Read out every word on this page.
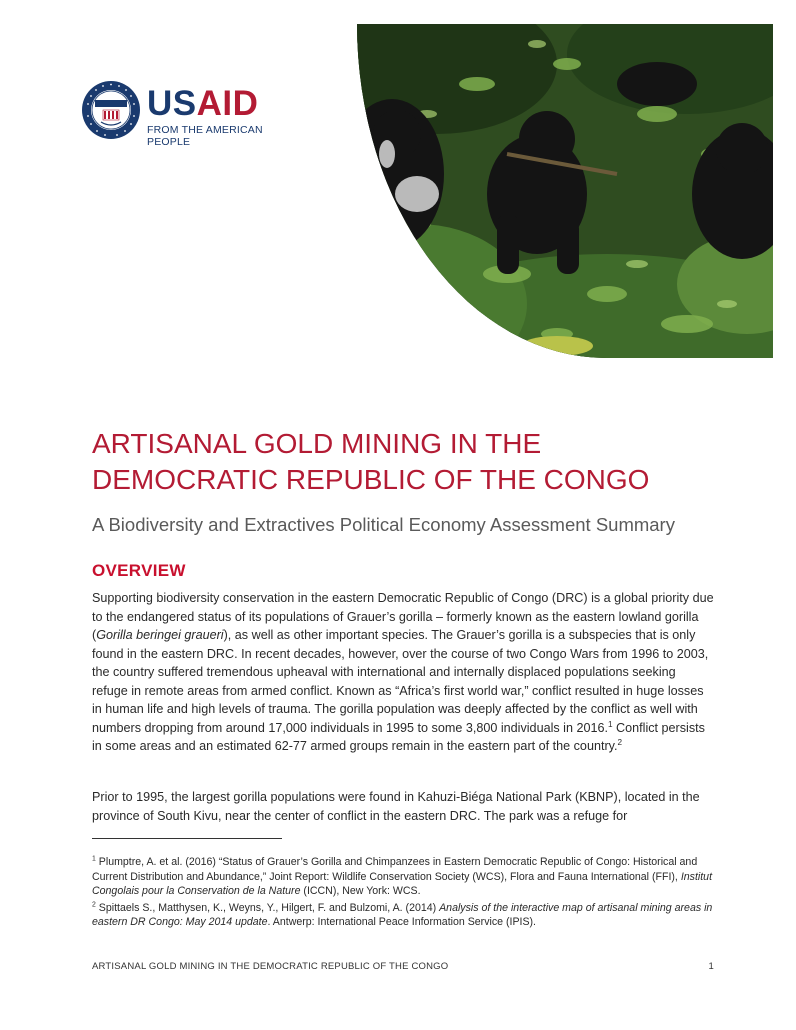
USAID
FROM THE AMERICAN PEOPLE
ARTISANAL GOLD MINING IN THE
DEMOCRATIC REPUBLIC OF THE CONGO
A Biodiversity and Extractives Political Economy Assessment Summary
OVERVIEW

Supporting biodiversity conservation in the eastern Democratic Republic of Congo (DRC) is a global priority due to the endangered status of its populations of Grauer’s gorilla – formerly known as the eastern lowland gorilla (Gorilla beringei graueri), as well as other important species. The Grauer’s gorilla is a subspecies that is only found in the eastern DRC. In recent decades, however, over the course of two Congo Wars from 1996 to 2003, the country suffered tremendous upheaval with international and internally displaced populations seeking refuge in remote areas from armed conflict. Known as “Africa’s first world war,” conflict resulted in huge losses in human life and high levels of trauma. The gorilla population was deeply affected by the conflict as well with numbers dropping from around 17,000 individuals in 1995 to some 3,800 individuals in 2016.$^1$ Conflict persists in some areas and an estimated 62-77 armed groups remain in the eastern part of the country.$^2$

Prior to 1995, the largest gorilla populations were found in Kahuzi-Biéga National Park (KBNP), located in the province of South Kivu, near the center of conflict in the eastern DRC. The park was a refuge for

$^1$ Plumptre, A. et al. (2016) “Status of Grauer’s Gorilla and Chimpanzees in Eastern Democratic Republic of Congo: Historical and Current Distribution and Abundance,” Joint Report: Wildlife Conservation Society (WCS), Flora and Fauna International (FFI), Institut Congolais pour la Conservation de la Nature (ICCN), New York: WCS.

$^2$ Spittaels S., Matthysen, K., Weyns, Y., Hilgert, F. and Bulzomi, A. (2014) Analysis of the interactive map of artisanal mining areas in eastern DR Congo: May 2014 update. Antwerp: International Peace Information Service (IPIS).

ARTISANAL GOLD MINING IN THE DEMOCRATIC REPUBLIC OF THE CONGO	1
